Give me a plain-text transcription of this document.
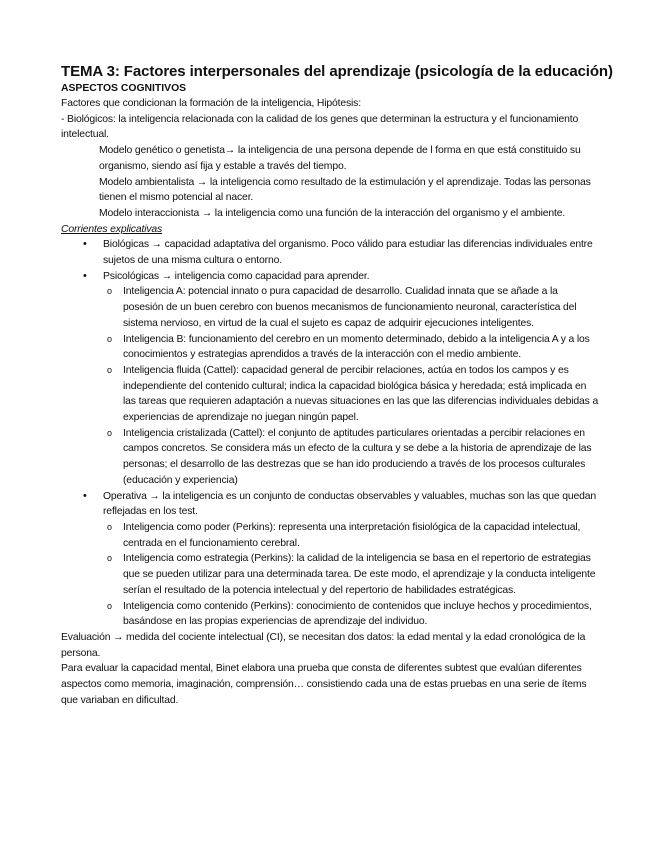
TEMA 3: Factores interpersonales del aprendizaje (psicología de la educación)
ASPECTOS COGNITIVOS

Factores que condicionan la formación de la inteligencia, Hipótesis:

- Biológicos: la inteligencia relacionada con la calidad de los genes que determinan la estructura y el funcionamiento intelectual.

Modelo genético o genetista→ la inteligencia de una persona depende de l forma en que está constituido su organismo, siendo así fija y estable a través del tiempo.

Modelo ambientalista → la inteligencia como resultado de la estimulación y el aprendizaje. Todas las personas tienen el mismo potencial al nacer.

Modelo interaccionista → la inteligencia como una función de la interacción del organismo y el ambiente.

Corrientes explicativas

• Biológicas → capacidad adaptativa del organismo. Poco válido para estudiar las diferencias individuales entre sujetos de una misma cultura o entorno.
• Psicológicas → inteligencia como capacidad para aprender.
o Inteligencia A: potencial innato o pura capacidad de desarrollo. Cualidad innata que se añade a la posesión de un buen cerebro con buenos mecanismos de funcionamiento neuronal, característica del sistema nervioso, en virtud de la cual el sujeto es capaz de adquirir ejecuciones inteligentes.
o Inteligencia B: funcionamiento del cerebro en un momento determinado, debido a la inteligencia A y a los conocimientos y estrategias aprendidos a través de la interacción con el medio ambiente.
o Inteligencia fluida (Cattel): capacidad general de percibir relaciones, actúa en todos los campos y es independiente del contenido cultural; indica la capacidad biológica básica y heredada; está implicada en las tareas que requieren adaptación a nuevas situaciones en las que las diferencias individuales debidas a experiencias de aprendizaje no juegan ningún papel.
o Inteligencia cristalizada (Cattel): el conjunto de aptitudes particulares orientadas a percibir relaciones en campos concretos. Se considera más un efecto de la cultura y se debe a la historia de aprendizaje de las personas; el desarrollo de las destrezas que se han ido produciendo a través de los procesos culturales (educación y experiencia)
• Operativa → la inteligencia es un conjunto de conductas observables y valuables, muchas son las que quedan reflejadas en los test.
o Inteligencia como poder (Perkins): representa una interpretación fisiológica de la capacidad intelectual, centrada en el funcionamiento cerebral.
o Inteligencia como estrategia (Perkins): la calidad de la inteligencia se basa en el repertorio de estrategias que se pueden utilizar para una determinada tarea. De este modo, el aprendizaje y la conducta inteligente serían el resultado de la potencia intelectual y del repertorio de habilidades estratégicas.
o Inteligencia como contenido (Perkins): conocimiento de contenidos que incluye hechos y procedimientos, basándose en las propias experiencias de aprendizaje del individuo.

Evaluación → medida del cociente intelectual (CI), se necesitan dos datos: la edad mental y la edad cronológica de la persona.

Para evaluar la capacidad mental, Binet elabora una prueba que consta de diferentes subtest que evalúan diferentes aspectos como memoria, imaginación, comprensión… consistiendo cada una de estas pruebas en una serie de ítems que variaban en dificultad.
